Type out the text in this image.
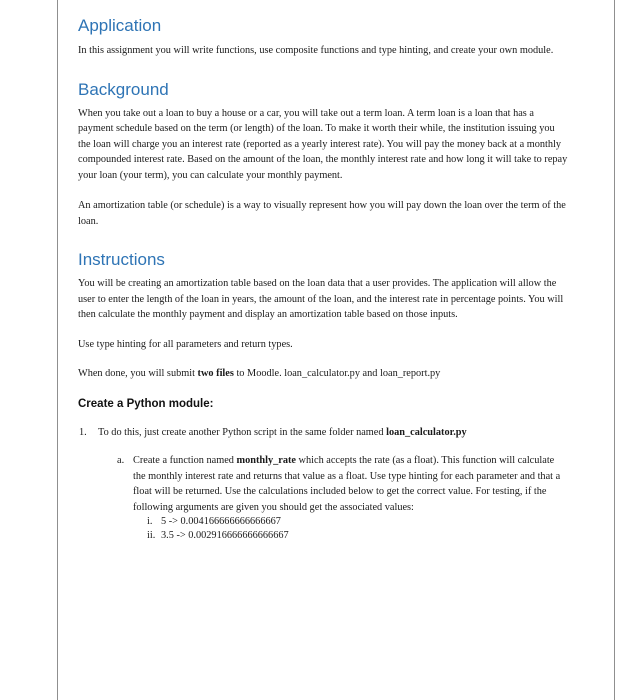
Application

In this assignment you will write functions, use composite functions and type hinting, and create your own module.

Background

When you take out a loan to buy a house or a car, you will take out a term loan. A term loan is a loan that has a payment schedule based on the term (or length) of the loan. To make it worth their while, the institution issuing you the loan will charge you an interest rate (reported as a yearly interest rate). You will pay the money back at a monthly compounded interest rate. Based on the amount of the loan, the monthly interest rate and how long it will take to repay your loan (your term), you can calculate your monthly payment.

An amortization table (or schedule) is a way to visually represent how you will pay down the loan over the term of the loan.

Instructions

You will be creating an amortization table based on the loan data that a user provides. The application will allow the user to enter the length of the loan in years, the amount of the loan, and the interest rate in percentage points. You will then calculate the monthly payment and display an amortization table based on those inputs.

Use type hinting for all parameters and return types.

When done, you will submit two files to Moodle. loan_calculator.py and loan_report.py

Create a Python module:
1. To do this, just create another Python script in the same folder named loan_calculator.py
a. Create a function named monthly_rate which accepts the rate (as a float). This function will calculate the monthly interest rate and returns that value as a float. Use type hinting for each parameter and that a float will be returned. Use the calculations included below to get the correct value. For testing, if the following arguments are given you should get the associated values:
i. 5 -> 0.004166666666666667
ii. 3.5 -> 0.002916666666666667
